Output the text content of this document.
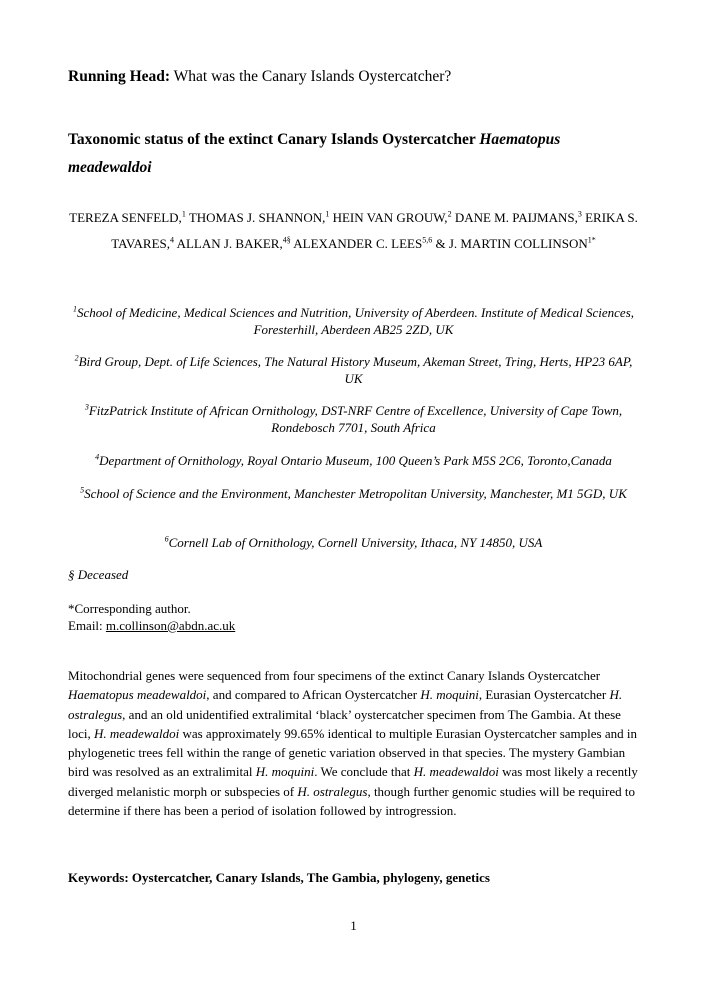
Running Head: What was the Canary Islands Oystercatcher?
Taxonomic status of the extinct Canary Islands Oystercatcher Haematopus meadewaldoi
TEREZA SENFELD,$^1$ THOMAS J. SHANNON,$^1$ HEIN VAN GROUW,$^2$ DANE M. PAIJMANS,$^3$ ERIKA S. TAVARES,$^4$ ALLAN J. BAKER,$^{4\S}$ ALEXANDER C. LEES$^{5,6}$ & J. MARTIN $COLLINSON^{1*}$
$^1$School of Medicine, Medical Sciences and Nutrition, University of Aberdeen. Institute of Medical Sciences, Foresterhill, Aberdeen AB25 2ZD, UK
$^2$Bird Group, Dept. of Life Sciences, The Natural History Museum, Akeman Street, Tring, Herts, HP23 6AP, UK
$^3$FitzPatrick Institute of African Ornithology, DST-NRF Centre of Excellence, University of Cape Town, Rondebosch 7701, South Africa
$^4$Department of Ornithology, Royal Ontario Museum, 100 Queen’s Park M5S 2C6, Toronto,Canada
$^5$School of Science and the Environment, Manchester Metropolitan University, Manchester, M1 5GD, UK
$^6$Cornell Lab of Ornithology, Cornell University, Ithaca, NY 14850, USA
§ Deceased
*Corresponding author.
Email: m.collinson@abdn.ac.uk
Mitochondrial genes were sequenced from four specimens of the extinct Canary Islands Oystercatcher Haematopus meadewaldoi, and compared to African Oystercatcher H. moquini, Eurasian Oystercatcher H. ostralegus, and an old unidentified extralimital ‘black’ oystercatcher specimen from The Gambia. At these loci, H. meadewaldoi was approximately 99.65% identical to multiple Eurasian Oystercatcher samples and in phylogenetic trees fell within the range of genetic variation observed in that species. The mystery Gambian bird was resolved as an extralimital H. moquini. We conclude that H. meadewaldoi was most likely a recently diverged melanistic morph or subspecies of H. ostralegus, though further genomic studies will be required to determine if there has been a period of isolation followed by introgression.
Keywords: Oystercatcher, Canary Islands, The Gambia, phylogeny, genetics
1
